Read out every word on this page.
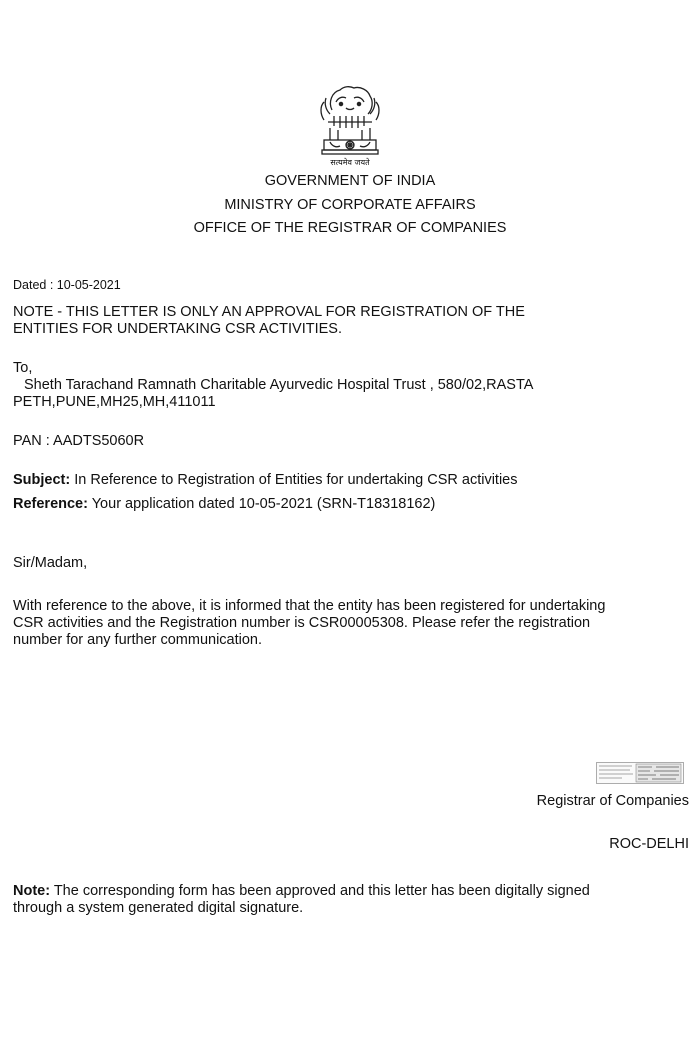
सत्यमेव जयते
GOVERNMENT OF INDIA
MINISTRY OF CORPORATE AFFAIRS
OFFICE OF THE REGISTRAR OF COMPANIES
Dated : 10-05-2021
NOTE - THIS LETTER IS ONLY AN APPROVAL FOR REGISTRATION OF THE
ENTITIES FOR UNDERTAKING CSR ACTIVITIES.
To,
Sheth Tarachand Ramnath Charitable Ayurvedic Hospital Trust , 580/02,RASTA
PETH,PUNE,MH25,MH,411011
PAN : AADTS5060R
Subject: In Reference to Registration of Entities for undertaking CSR activities
Reference: Your application dated 10-05-2021 (SRN-T18318162)
Sir/Madam,
With reference to the above, it is informed that the entity has been registered for undertaking
CSR activities and the Registration number is CSR00005308. Please refer the registration
number for any further communication.
Registrar of Companies
ROC-DELHI
Note: The corresponding form has been approved and this letter has been digitally signed
through a system generated digital signature.
